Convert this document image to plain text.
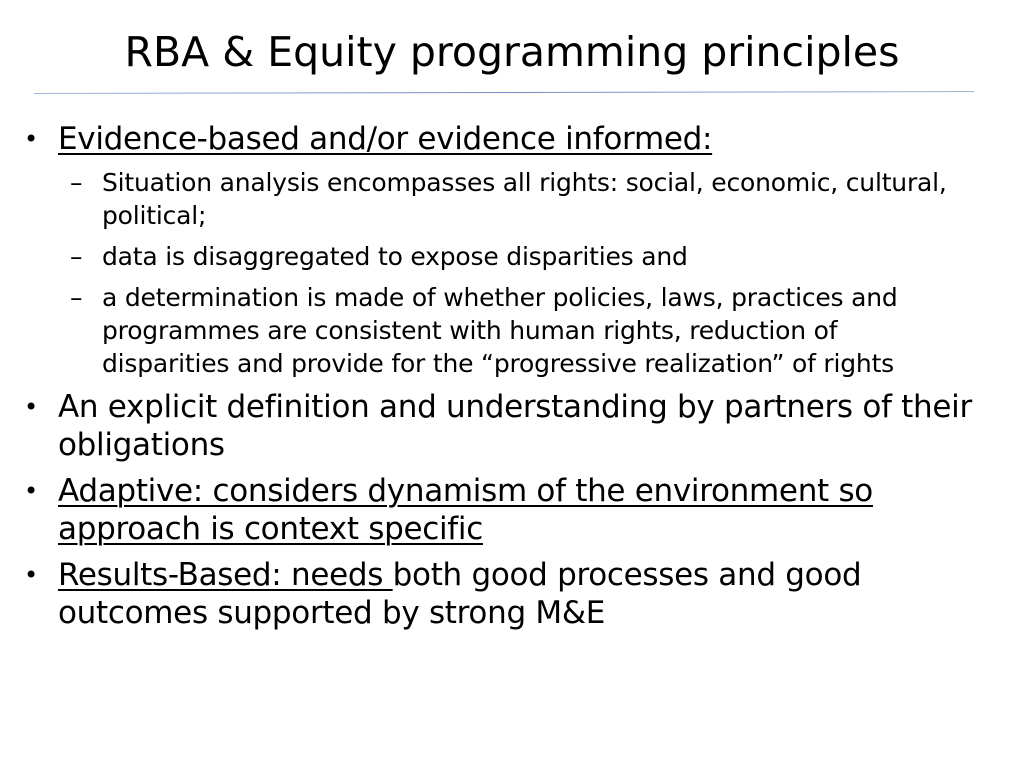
RBA & Equity programming principles
• Evidence-based and/or evidence informed:
– Situation analysis encompasses all rights: social, economic, cultural, political;
– data is disaggregated to expose disparities and
– a determination is made of whether policies, laws, practices and programmes are consistent with human rights, reduction of disparities and provide for the “progressive realization” of rights
• An explicit definition and understanding by partners of their obligations
• Adaptive: considers dynamism of the environment so approach is context specific
• Results-Based: needs both good processes and good outcomes supported by strong M&E
